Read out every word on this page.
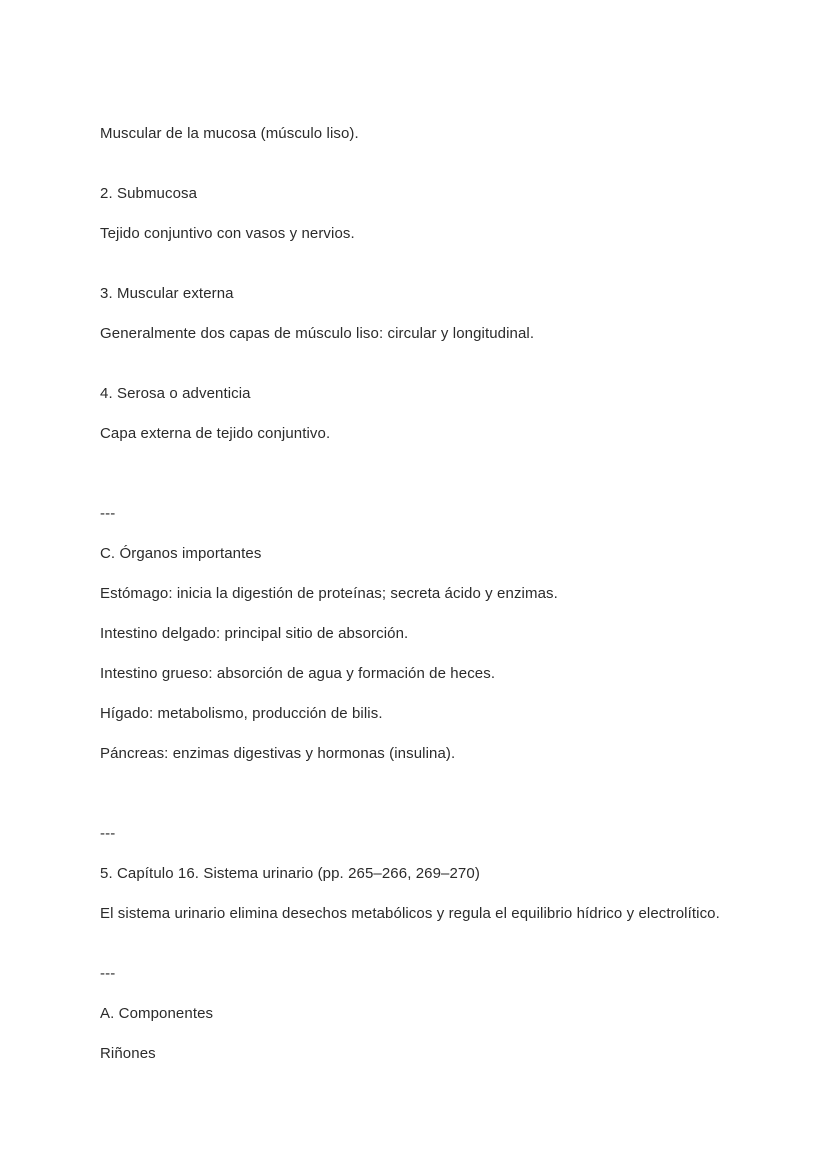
Muscular de la mucosa (músculo liso).
2. Submucosa
Tejido conjuntivo con vasos y nervios.
3. Muscular externa
Generalmente dos capas de músculo liso: circular y longitudinal.
4. Serosa o adventicia
Capa externa de tejido conjuntivo.
---
C. Órganos importantes
Estómago: inicia la digestión de proteínas; secreta ácido y enzimas.
Intestino delgado: principal sitio de absorción.
Intestino grueso: absorción de agua y formación de heces.
Hígado: metabolismo, producción de bilis.
Páncreas: enzimas digestivas y hormonas (insulina).
---
5. Capítulo 16. Sistema urinario (pp. 265–266, 269–270)
El sistema urinario elimina desechos metabólicos y regula el equilibrio hídrico y electrolítico.
---
A. Componentes
Riñones
